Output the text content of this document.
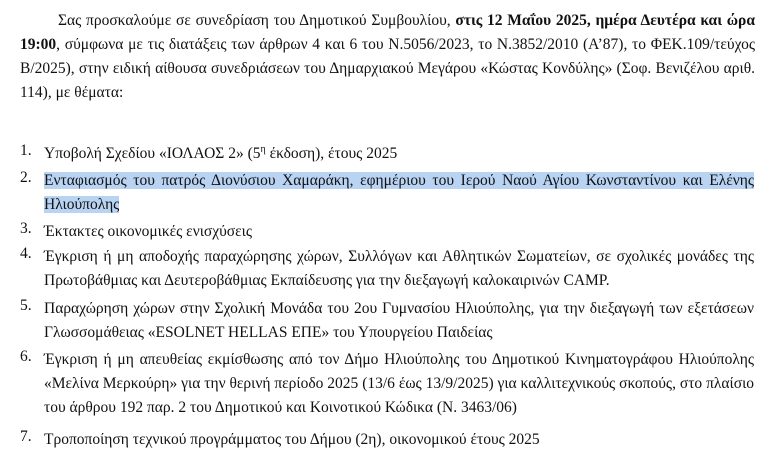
Σας προσκαλούμε σε συνεδρίαση του Δημοτικού Συμβουλίου, στις 12 Μαΐου 2025, ημέρα Δευτέρα και ώρα 19:00, σύμφωνα με τις διατάξεις των άρθρων 4 και 6 του Ν.5056/2023, το Ν.3852/2010 (Α’87), το ΦΕΚ.109/τεύχος Β/2025), στην ειδική αίθουσα συνεδριάσεων του Δημαρχιακού Μεγάρου «Κώστας Κονδύλης» (Σοφ. Βενιζέλου αριθ. 114), με θέματα:

1. Υποβολή Σχεδίου «ΙΟΛΑΟΣ 2» ($5^\eta$ έκδοση), έτους 2025

2. Ενταφιασμός του πατρός Διονύσιου Χαμαράκη, εφημέριου του Ιερού Ναού Αγίου Κωνσταντίνου και Ελένης
Ηλιούπολης

3. Έκτακτες οικονομικές ενισχύσεις

4. Έγκριση ή μη αποδοχής παραχώρησης χώρων, Συλλόγων και Αθλητικών Σωματείων, σε σχολικές μονάδες της Πρωτοβάθμιας και Δευτεροβάθμιας Εκπαίδευσης για την διεξαγωγή καλοκαιρινών CAMP.

5. Παραχώρηση χώρων στην Σχολική Μονάδα του 2ου Γυμνασίου Ηλιούπολης, για την διεξαγωγή των εξετάσεων Γλωσσομάθειας «ESOLNET HELLAS ΕΠΕ» του Υπουργείου Παιδείας

6. Έγκριση ή μη απευθείας εκμίσθωσης από τον Δήμο Ηλιούπολης του Δημοτικού Κινηματογράφου Ηλιούπολης «Μελίνα Μερκούρη» για την θερινή περίοδο 2025 (13/6 έως 13/9/2025) για καλλιτεχνικούς σκοπούς, στο πλαίσιο του άρθρου 192 παρ. 2 του Δημοτικού και Κοινοτικού Κώδικα (Ν. 3463/06)

7. Τροποποίηση τεχνικού προγράμματος του Δήμου (2η), οικονομικού έτους 2025
